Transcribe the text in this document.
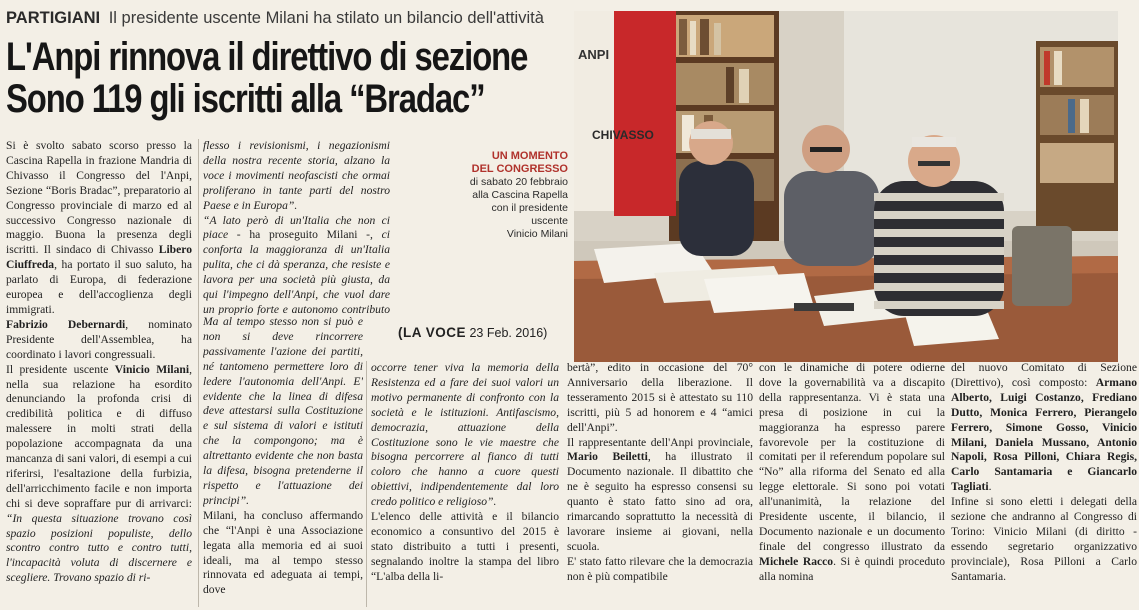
PARTIGIANI Il presidente uscente Milani ha stilato un bilancio dell'attività
L'Anpi rinnova il direttivo di sezione
Sono 119 gli iscritti alla “Bradac”
UN MOMENTO
DEL CONGRESSO
di sabato 20 febbraio
alla Cascina Rapella
con il presidente uscente
Vinicio Milani
(LA VOCE 23 Feb. 2016)
ANPI
CHIVASSO

Si è svolto sabato scorso presso la Cascina Rapella in frazione Mandria di Chivasso il Congresso del l'Anpi, Sezione “Boris Bradac”, preparatorio al Congresso provinciale di marzo ed al successivo Congresso nazionale di maggio. Buona la presenza degli iscritti. Il sindaco di Chivasso Libero Ciuffreda, ha portato il suo saluto, ha parlato di Europa, di federazione europea e dell'accoglienza degli immigrati.

Fabrizio Debernardi, nominato Presidente dell'Assemblea, ha coordinato i lavori congressuali.

Il presidente uscente Vinicio Milani, nella sua relazione ha esordito denunciando la profonda crisi di credibilità politica e di diffuso malessere in molti strati della popolazione accompagnata da una mancanza di sani valori, di esempi a cui riferirsi, l'esaltazione della furbizia, dell'arricchimento facile e non importa chi si deve sopraffare pur di arrivarci: “In questa situazione trovano così spazio posizioni populiste, dello scontro contro tutto e contro tutti, l'incapacità voluta di discernere e scegliere. Trovano spazio di ri-

flesso i revisionismi, i negazionismi della nostra recente storia, alzano la voce i movimenti neofascisti che ormai proliferano in tante parti del nostro Paese e in Europa”.

“A lato però di un'Italia che non ci piace - ha proseguito Milani -, ci conforta la maggioranza di un'Italia pulita, che ci dà speranza, che resiste e lavora per una società più giusta, da qui l'impegno dell'Anpi, che vuol dare un proprio forte e autonomo contributo

Ma al tempo stesso non si può e non si deve rincorrere passivamente l'azione dei partiti, né tantomeno permettere loro di ledere l'autonomia dell'Anpi. E' evidente che la linea di difesa deve attestarsi sulla Costituzione e sul sistema di valori e istituti che la compongono; ma è altrettanto evidente che non basta la difesa, bisogna pretenderne il rispetto e l'attuazione dei principi”.

Milani, ha concluso affermando che “l'Anpi è una Associazione legata alla memoria ed ai suoi ideali, ma al tempo stesso rinnovata ed adeguata ai tempi, dove

occorre tener viva la memoria della Resistenza ed a fare dei suoi valori un motivo permanente di confronto con la società e le istituzioni. Antifascismo, democrazia, attuazione della Costituzione sono le vie maestre che bisogna percorrere al fianco di tutti coloro che hanno a cuore questi obiettivi, indipendentemente dal loro credo politico e religioso”.

L'elenco delle attività e il bilancio economico a consuntivo del 2015 è stato distribuito a tutti i presenti, segnalando inoltre la stampa del libro “L'alba della li-

bertà”, edito in occasione del 70° Anniversario della liberazione. Il tesseramento 2015 si è attestato su 110 iscritti, più 5 ad honorem e 4 “amici dell'Anpi”.

Il rappresentante dell'Anpi provinciale, Mario Beiletti, ha illustrato il Documento nazionale. Il dibattito che ne è seguito ha espresso consensi su quanto è stato fatto sino ad ora, rimarcando soprattutto la necessità di lavorare insieme ai giovani, nella scuola.

E' stato fatto rilevare che la democrazia non è più compatibile

con le dinamiche di potere odierne dove la governabilità va a discapito della rappresentanza. Vi è stata una presa di posizione in cui la maggioranza ha espresso parere favorevole per la costituzione di comitati per il referendum popolare sul “No” alla riforma del Senato ed alla legge elettorale. Si sono poi votati all'unanimità, la relazione del Presidente uscente, il bilancio, il Documento nazionale e un documento finale del congresso illustrato da Michele Racco. Si è quindi proceduto alla nomina

del nuovo Comitato di Sezione (Direttivo), così composto: Armano Alberto, Luigi Costanzo, Frediano Dutto, Monica Ferrero, Pierangelo Ferrero, Simone Gosso, Vinicio Milani, Daniela Mussano, Antonio Napoli, Rosa Pilloni, Chiara Regis, Carlo Santamaria e Giancarlo Tagliati.

Infine si sono eletti i delegati della sezione che andranno al Congresso di Torino: Vinicio Milani (di diritto - essendo segretario organizzativo provinciale), Rosa Pilloni a Carlo Santamaria.
